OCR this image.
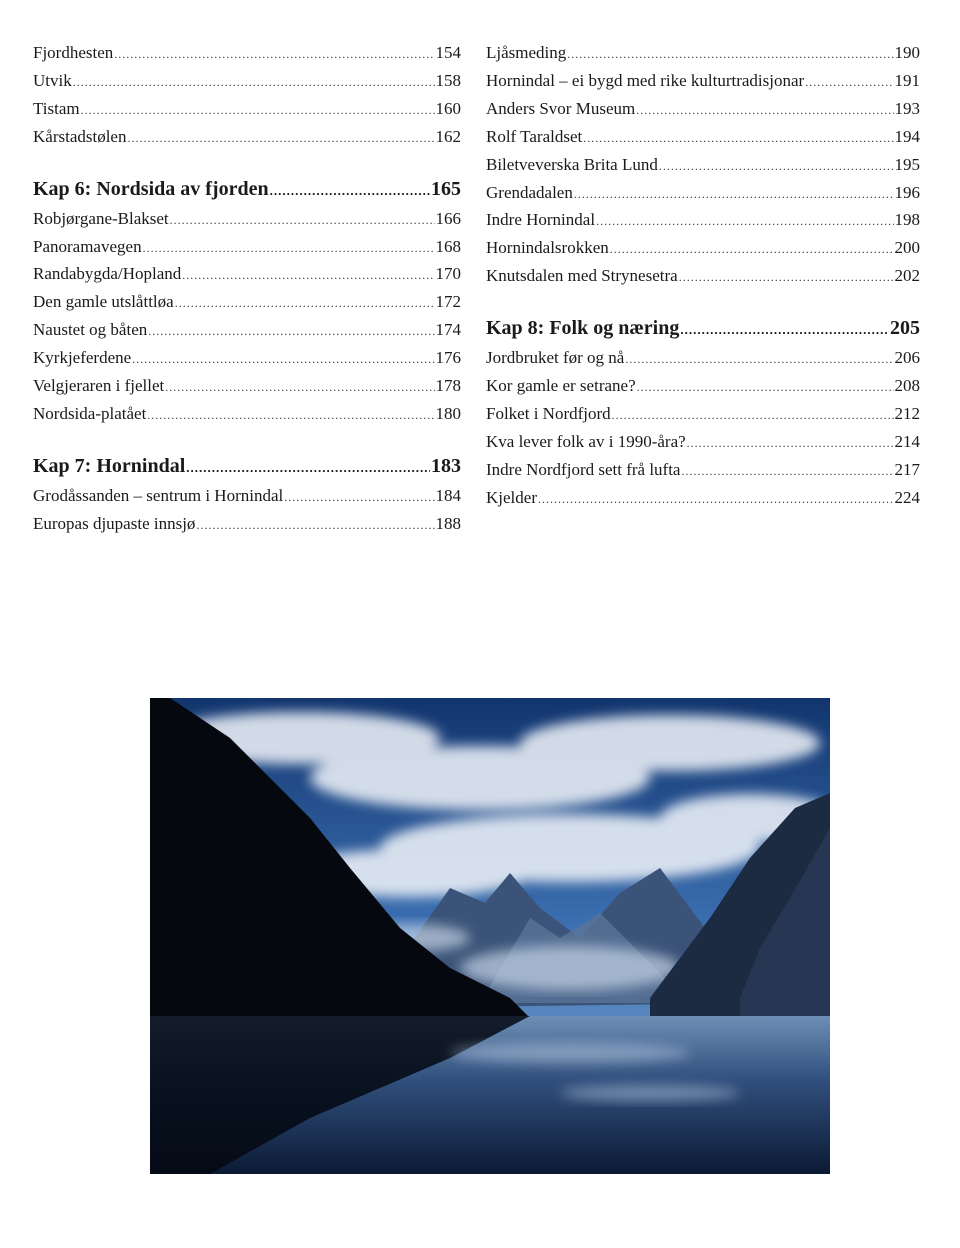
Fjordhesten .....	154
Utvik .....	158
Tistam .....	160
Kårstadstølen .....	162
Kap 6: Nordsida av fjorden .....	165
Robjørgane-Blakset .....	166
Panoramavegen .....	168
Randabygda/Hopland .....	170
Den gamle utslåttløa .....	172
Naustet og båten .....	174
Kyrkjeferdene .....	176
Velgjeraren i fjellet .....	178
Nordsida-platået .....	180
Kap 7: Hornindal .....	183
Grodåssanden – sentrum i Hornindal .....	184
Europas djupaste innsjø .....	188
Ljåsmeding .....	190
Hornindal – ei bygd med rike kulturtradisjonar .....	191
Anders Svor Museum .....	193
Rolf Taraldset .....	194
Biletveverska Brita Lund .....	195
Grendadalen .....	196
Indre Hornindal .....	198
Hornindalsrokken .....	200
Knutsdalen med Strynesetra .....	202
Kap 8: Folk og næring .....	205
Jordbruket før og nå .....	206
Kor gamle er setrane? .....	208
Folket i Nordfjord .....	212
Kva lever folk av i 1990-åra? .....	214
Indre Nordfjord sett frå lufta .....	217
Kjelder .....	224
